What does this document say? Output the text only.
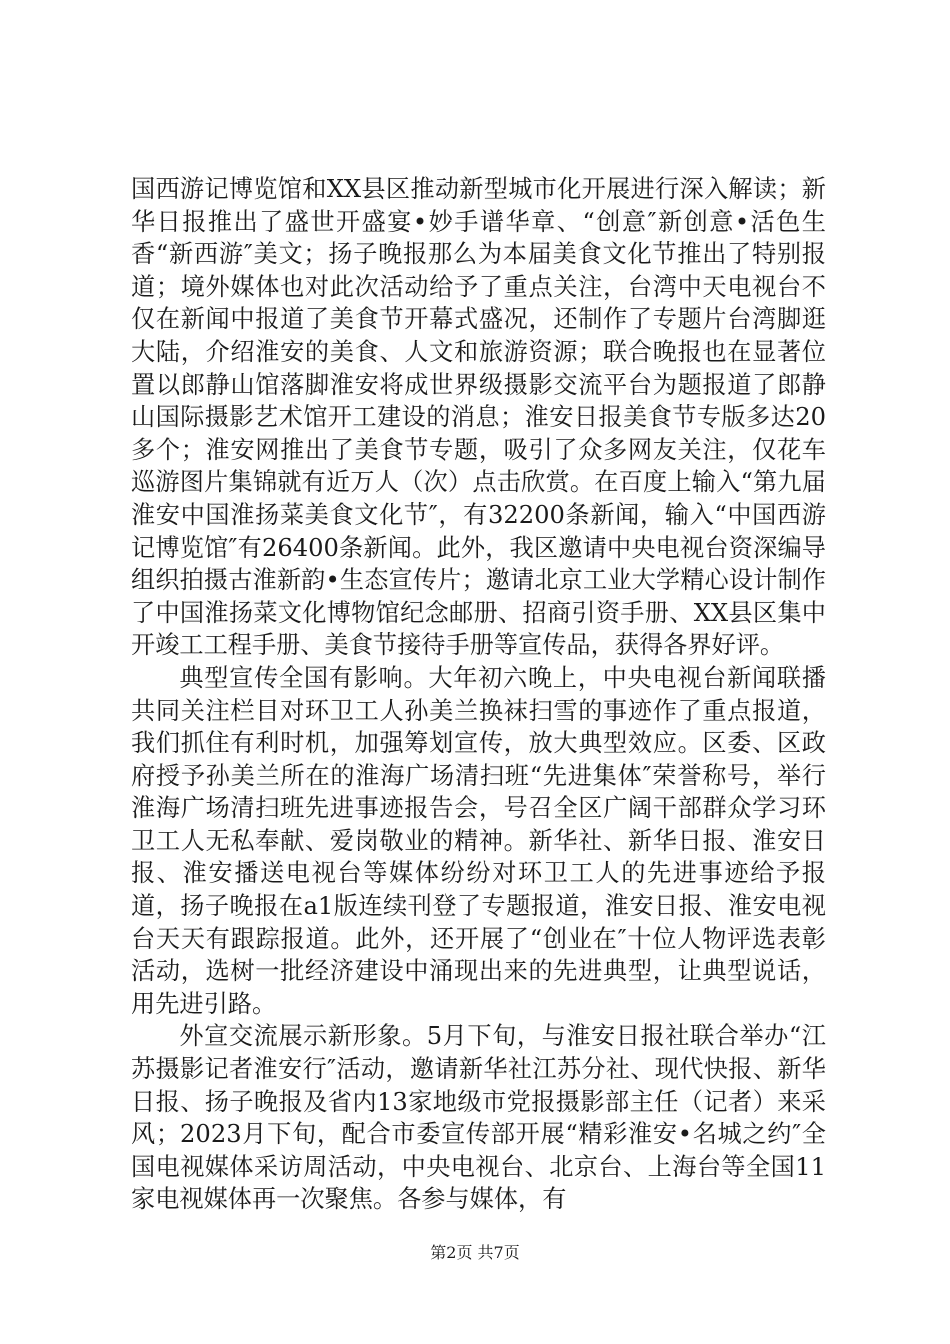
国西游记博览馆和XX县区推动新型城市化开展进行深入解读；新华日报推出了盛世开盛宴•妙手谱华章、“创意″新创意•活色生香“新西游″美文；扬子晚报那么为本届美食文化节推出了特别报道；境外媒体也对此次活动给予了重点关注，台湾中天电视台不仅在新闻中报道了美食节开幕式盛况，还制作了专题片台湾脚逛大陆，介绍淮安的美食、人文和旅游资源；联合晚报也在显著位置以郎静山馆落脚淮安将成世界级摄影交流平台为题报道了郎静山国际摄影艺术馆开工建设的消息；淮安日报美食节专版多达20多个；淮安网推出了美食节专题，吸引了众多网友关注，仅花车巡游图片集锦就有近万人（次）点击欣赏。在百度上输入“第九届淮安中国淮扬菜美食文化节″，有32200条新闻，输入“中国西游记博览馆″有26400条新闻。此外，我区邀请中央电视台资深编导组织拍摄古淮新韵•生态宣传片；邀请北京工业大学精心设计制作了中国淮扬菜文化博物馆纪念邮册、招商引资手册、XX县区集中开竣工工程手册、美食节接待手册等宣传品，获得各界好评。

典型宣传全国有影响。大年初六晚上，中央电视台新闻联播共同关注栏目对环卫工人孙美兰换袜扫雪的事迹作了重点报道，我们抓住有利时机，加强筹划宣传，放大典型效应。区委、区政府授予孙美兰所在的淮海广场清扫班“先进集体″荣誉称号，举行淮海广场清扫班先进事迹报告会，号召全区广阔干部群众学习环卫工人无私奉献、爱岗敬业的精神。新华社、新华日报、淮安日报、淮安播送电视台等媒体纷纷对环卫工人的先进事迹给予报道，扬子晚报在a1版连续刊登了专题报道，淮安日报、淮安电视台天天有跟踪报道。此外，还开展了“创业在″十位人物评选表彰活动，选树一批经济建设中涌现出来的先进典型，让典型说话，用先进引路。

外宣交流展示新形象。5月下旬，与淮安日报社联合举办“江苏摄影记者淮安行″活动，邀请新华社江苏分社、现代快报、新华日报、扬子晚报及省内13家地级市党报摄影部主任（记者）来采风；2023月下旬，配合市委宣传部开展“精彩淮安•名城之约″全国电视媒体采访周活动，中央电视台、北京台、上海台等全国11家电视媒体再一次聚焦。各参与媒体，有

第2页 共7页
